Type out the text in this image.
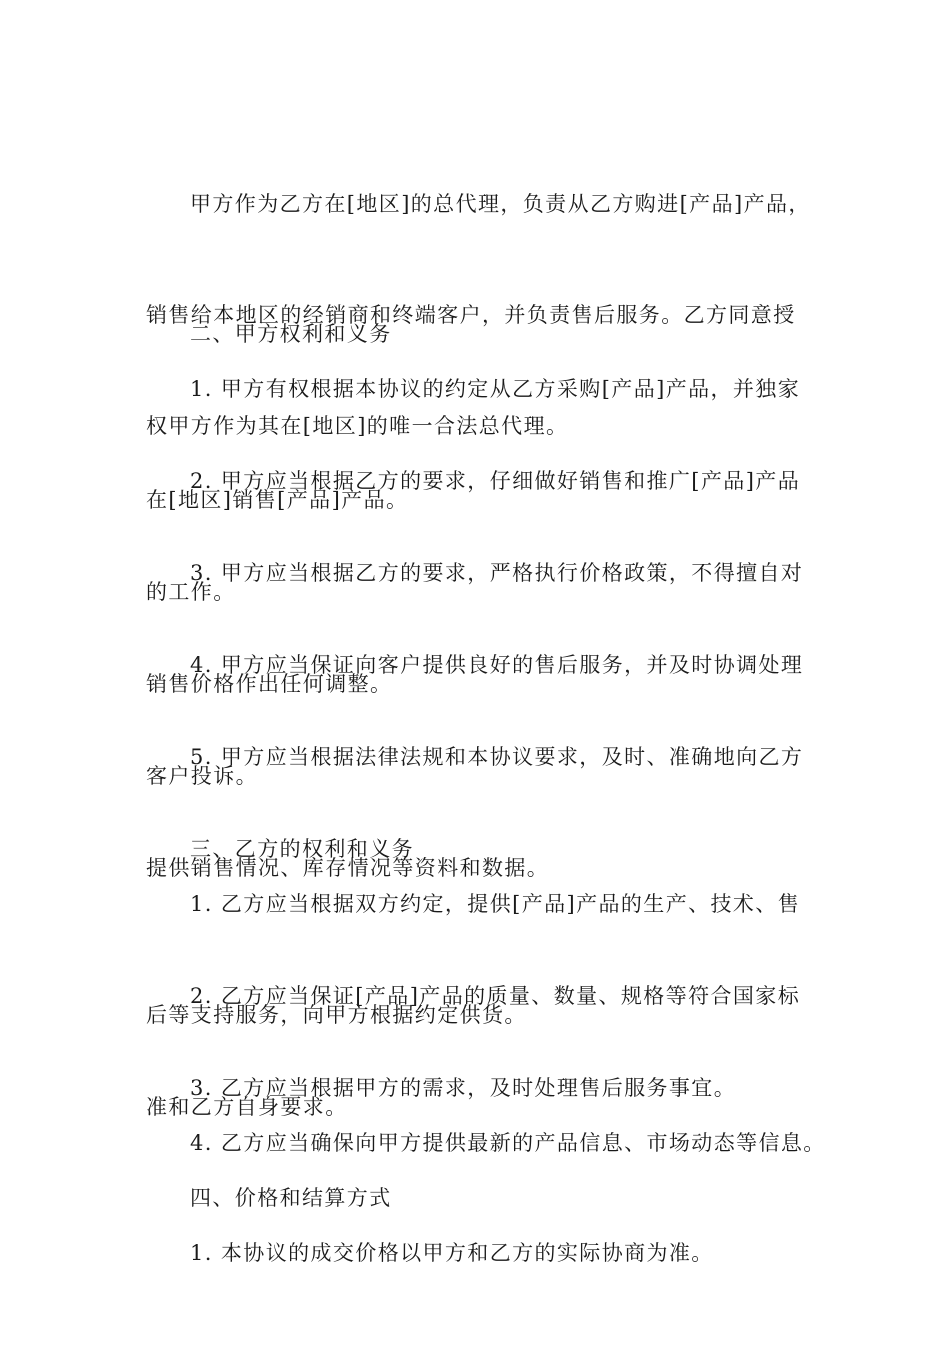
甲方作为乙方在[地区]的总代理，负责从乙方购进[产品]产品，

销售给本地区的经销商和终端客户，并负责售后服务。乙方同意授

权甲方作为其在[地区]的唯一合法总代理。

二、甲方权利和义务

1. 甲方有权根据本协议的约定从乙方采购[产品]产品，并独家

在[地区]销售[产品]产品。

2. 甲方应当根据乙方的要求，仔细做好销售和推广[产品]产品

的工作。

3. 甲方应当根据乙方的要求，严格执行价格政策，不得擅自对

销售价格作出任何调整。

4. 甲方应当保证向客户提供良好的售后服务，并及时协调处理

客户投诉。

5. 甲方应当根据法律法规和本协议要求，及时、准确地向乙方

提供销售情况、库存情况等资料和数据。

三、乙方的权利和义务

1. 乙方应当根据双方约定，提供[产品]产品的生产、技术、售

后等支持服务，向甲方根据约定供货。

2. 乙方应当保证[产品]产品的质量、数量、规格等符合国家标

准和乙方自身要求。

3. 乙方应当根据甲方的需求，及时处理售后服务事宜。

4. 乙方应当确保向甲方提供最新的产品信息、市场动态等信息。

四、价格和结算方式

1. 本协议的成交价格以甲方和乙方的实际协商为准。
